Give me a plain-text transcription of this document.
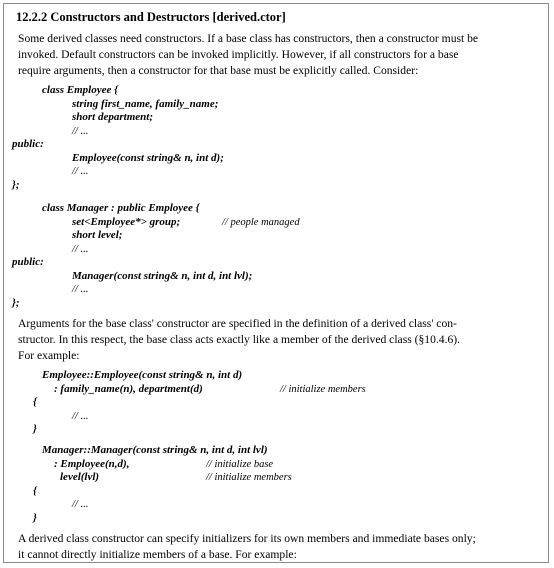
12.2.2 Constructors and Destructors [derived.ctor]
Some derived classes need constructors. If a base class has constructors, then a constructor must be
invoked. Default constructors can be invoked implicitly. However, if all constructors for a base
require arguments, then a constructor for that base must be explicitly called. Consider:
class Employee {
string first_name, family_name;
short department;
// ...
public:
Employee(const string& n, int d);
// ...
};
class Manager : public Employee {
set<Employee*> group;	// people managed
short level;
// ...
public:
Manager(const string& n, int d, int lvl);
// ...
};
Arguments for the base class' constructor are specified in the definition of a derived class' con-
structor. In this respect, the base class acts exactly like a member of the derived class (§10.4.6).
For example:
Employee::Employee(const string& n, int d)
: family_name(n), department(d)	// initialize members
{
// ...
}
Manager::Manager(const string& n, int d, int lvl)
: Employee(n,d),	// initialize base
level(lvl)	// initialize members
{
// ...
}
A derived class constructor can specify initializers for its own members and immediate bases only;
it cannot directly initialize members of a base. For example:
